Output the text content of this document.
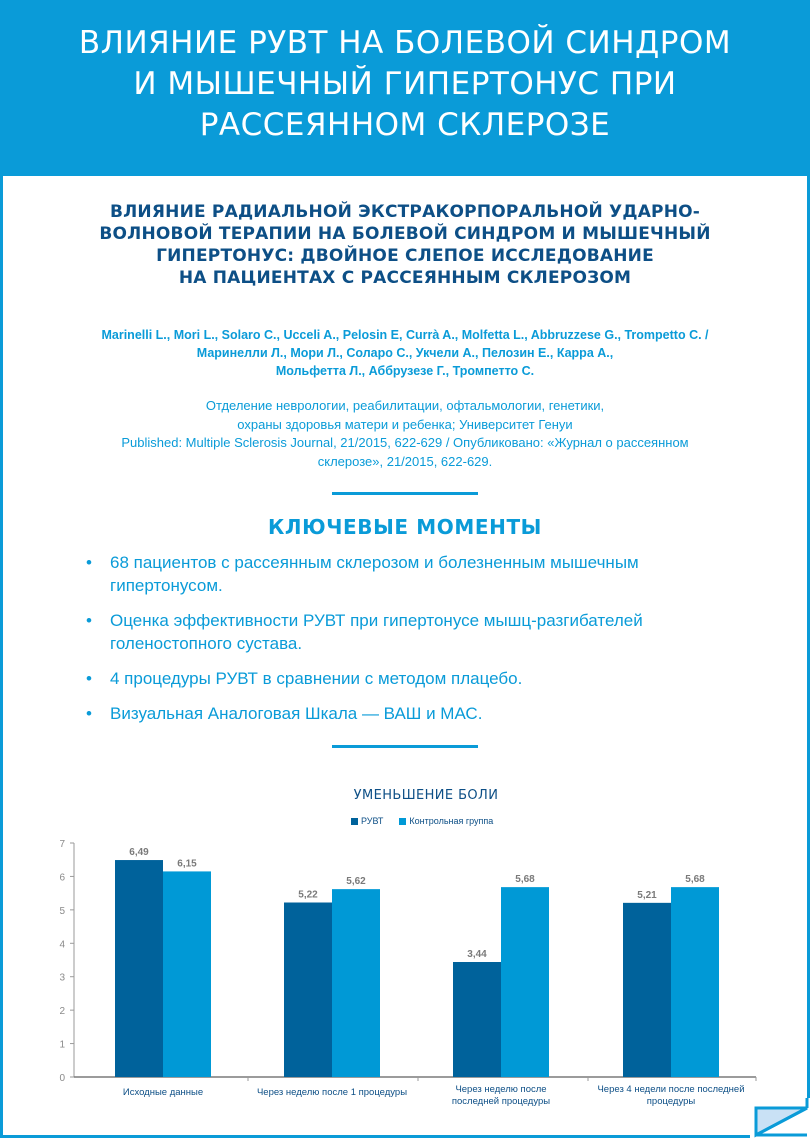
ВЛИЯНИЕ РУВТ НА БОЛЕВОЙ СИНДРОМ
И МЫШЕЧНЫЙ ГИПЕРТОНУС ПРИ
РАССЕЯННОМ СКЛЕРОЗЕ
ВЛИЯНИЕ РАДИАЛЬНОЙ ЭКСТРАКОРПОРАЛЬНОЙ УДАРНО-
ВОЛНОВОЙ ТЕРАПИИ НА БОЛЕВОЙ СИНДРОМ И МЫШЕЧНЫЙ
ГИПЕРТОНУС: ДВОЙНОЕ СЛЕПОЕ ИССЛЕДОВАНИЕ
НА ПАЦИЕНТАХ С РАССЕЯННЫМ СКЛЕРОЗОМ
Marinelli L., Mori L., Solaro C., Ucceli A., Pelosin E, Currà A., Molfetta L., Abbruzzese G., Trompetto C. /
Маринелли Л., Мори Л., Соларо С., Укчели А., Пелозин Е., Карра А.,
Мольфетта Л., Аббрузезе Г., Тромпетто С.
Отделение неврологии, реабилитации, офтальмологии, генетики,
охраны здоровья матери и ребенка; Университет Генуи
Published: Multiple Sclerosis Journal, 21/2015, 622-629 / Опубликовано: «Журнал о рассеянном
склерозе», 21/2015, 622-629.
КЛЮЧЕВЫЕ МОМЕНТЫ
• 68 пациентов с рассеянным склерозом и болезненным мышечным гипертонусом.
• Оценка эффективности РУВТ при гипертонусе мышц-разгибателей голеностопного сустава.
• 4 процедуры РУВТ в сравнении с методом плацебо.
• Визуальная Аналоговая Шкала — ВАШ и МАС.
УМЕНЬШЕНИЕ БОЛИ
РУВТ	Контрольная группа
0
1
2
3
4
5
6
7
6,49
6,15
5,22
5,62
3,44
5,68
5,21
5,68
Исходные данные	Через неделю после 1 процедуры	Через неделю после
последней процедуры
Через 4 недели после последней
процедуры
